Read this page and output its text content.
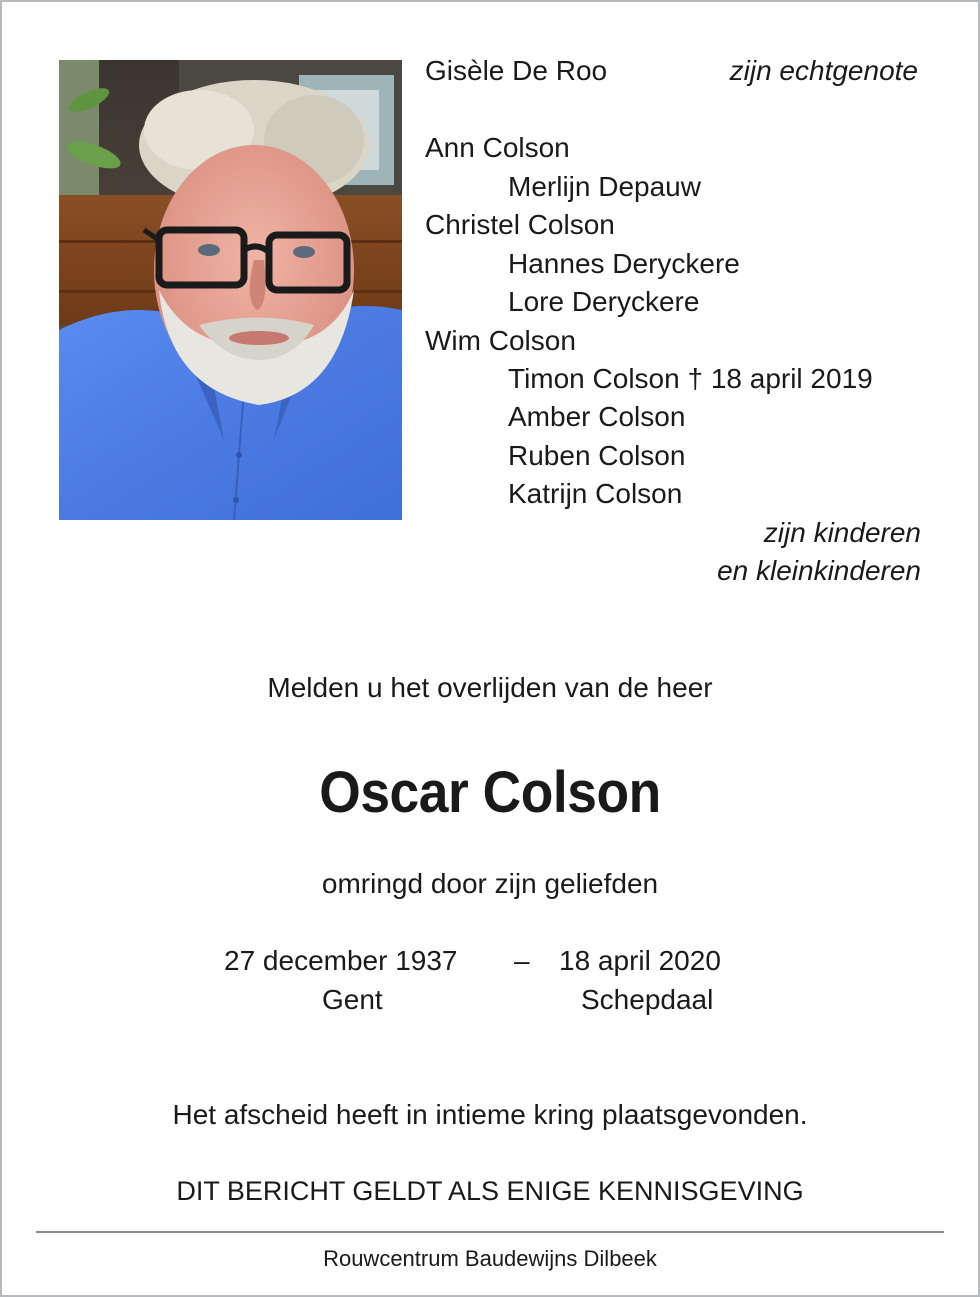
Gisèle De Roo	zijn echtgenote
Ann Colson
Merlijn Depauw
Christel Colson
Hannes Deryckere
Lore Deryckere
Wim Colson
Timon Colson † 18 april 2019
Amber Colson
Ruben Colson
Katrijn Colson
zijn kinderen
en kleinkinderen
Melden u het overlijden van de heer
Oscar Colson
omringd door zijn geliefden
27 december 1937 – 18 april 2020
Gent	Schepdaal
Het afscheid heeft in intieme kring plaatsgevonden.
DIT BERICHT GELDT ALS ENIGE KENNISGEVING
Rouwcentrum Baudewijns Dilbeek
